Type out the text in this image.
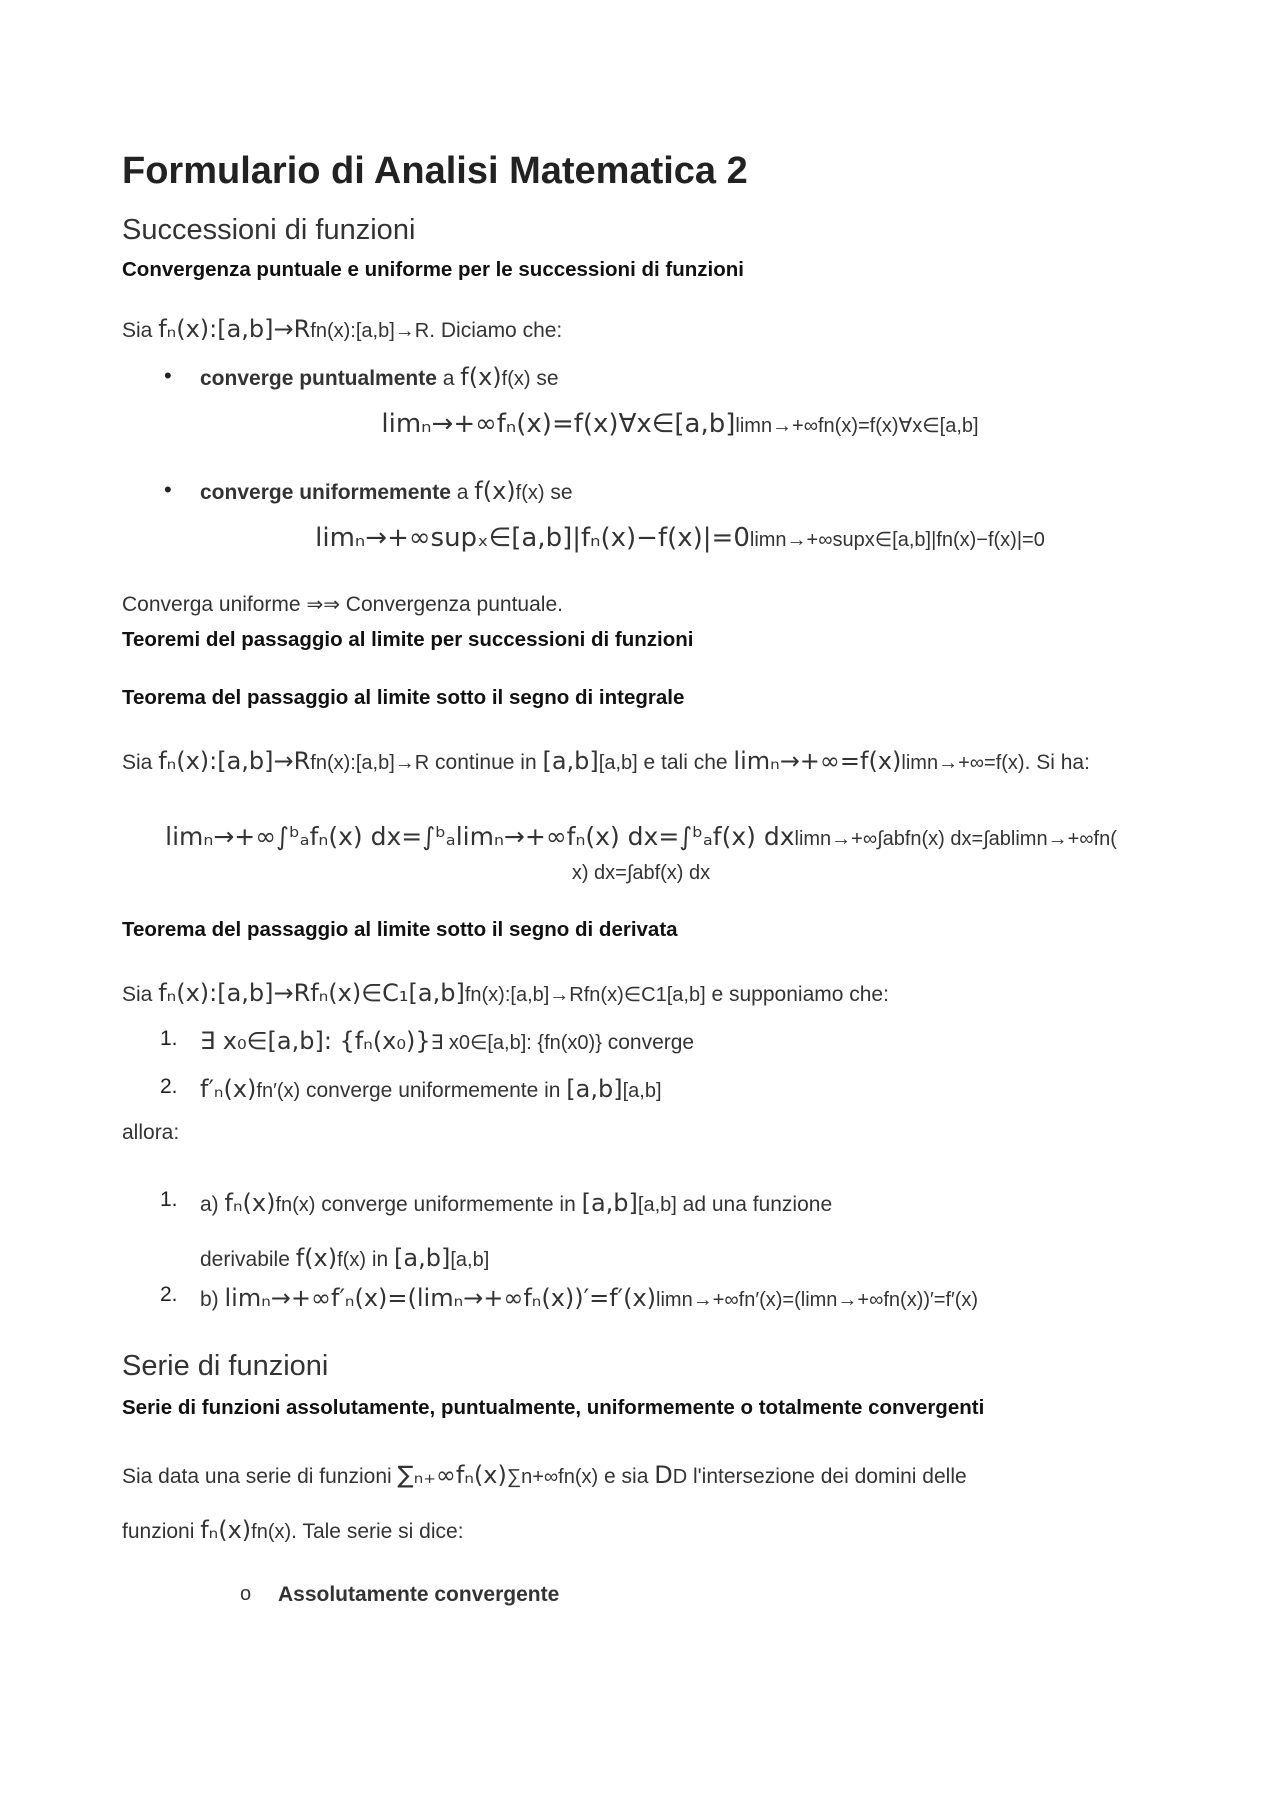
Formulario di Analisi Matematica 2
Successioni di funzioni
Convergenza puntuale e uniforme per le successioni di funzioni
Sia fₙ(x):[a,b]→Rfn(x):[a,b]→R. Diciamo che:
• converge puntualmente a f(x)f(x) se
limₙ→+∞fₙ(x)=f(x)∀x∈[a,b]limn→+∞fn(x)=f(x)∀x∈[a,b]
• converge uniformemente a f(x)f(x) se
limₙ→+∞supₓ∈[a,b]|fₙ(x)−f(x)|=0limn→+∞supx∈[a,b]|fn(x)−f(x)|=0
Converga uniforme ⇒⇒ Convergenza puntuale.
Teoremi del passaggio al limite per successioni di funzioni
Teorema del passaggio al limite sotto il segno di integrale
Sia fₙ(x):[a,b]→Rfn(x):[a,b]→R continue in [a,b][a,b] e tali che limₙ→+∞=f(x)limn→+∞=f(x). Si ha:
limₙ→+∞∫ᵇₐfₙ(x) dx=∫ᵇₐlimₙ→+∞fₙ(x) dx=∫ᵇₐf(x) dxlimn→+∞∫abfn(x) dx=∫ablimn→+∞fn(
x) dx=∫abf(x) dx
Teorema del passaggio al limite sotto il segno di derivata
Sia fₙ(x):[a,b]→Rfₙ(x)∈C₁[a,b]fn(x):[a,b]→Rfn(x)∈C1[a,b] e supponiamo che:
1. ∃ x₀∈[a,b]: {fₙ(x₀)}∃ x0∈[a,b]: {fn(x0)} converge
2. f′ₙ(x)fn′(x) converge uniformemente in [a,b][a,b]
allora:
1. a) fₙ(x)fn(x) converge uniformemente in [a,b][a,b] ad una funzione
derivabile f(x)f(x) in [a,b][a,b]
2. b) limₙ→+∞f′ₙ(x)=(limₙ→+∞fₙ(x))′=f′(x)limn→+∞fn′(x)=(limn→+∞fn(x))′=f′(x)
Serie di funzioni
Serie di funzioni assolutamente, puntualmente, uniformemente o totalmente convergenti
Sia data una serie di funzioni ∑ₙ₊∞fₙ(x)∑n+∞fn(x) e sia DD l'intersezione dei domini delle
funzioni fₙ(x)fn(x). Tale serie si dice:
o Assolutamente convergente
